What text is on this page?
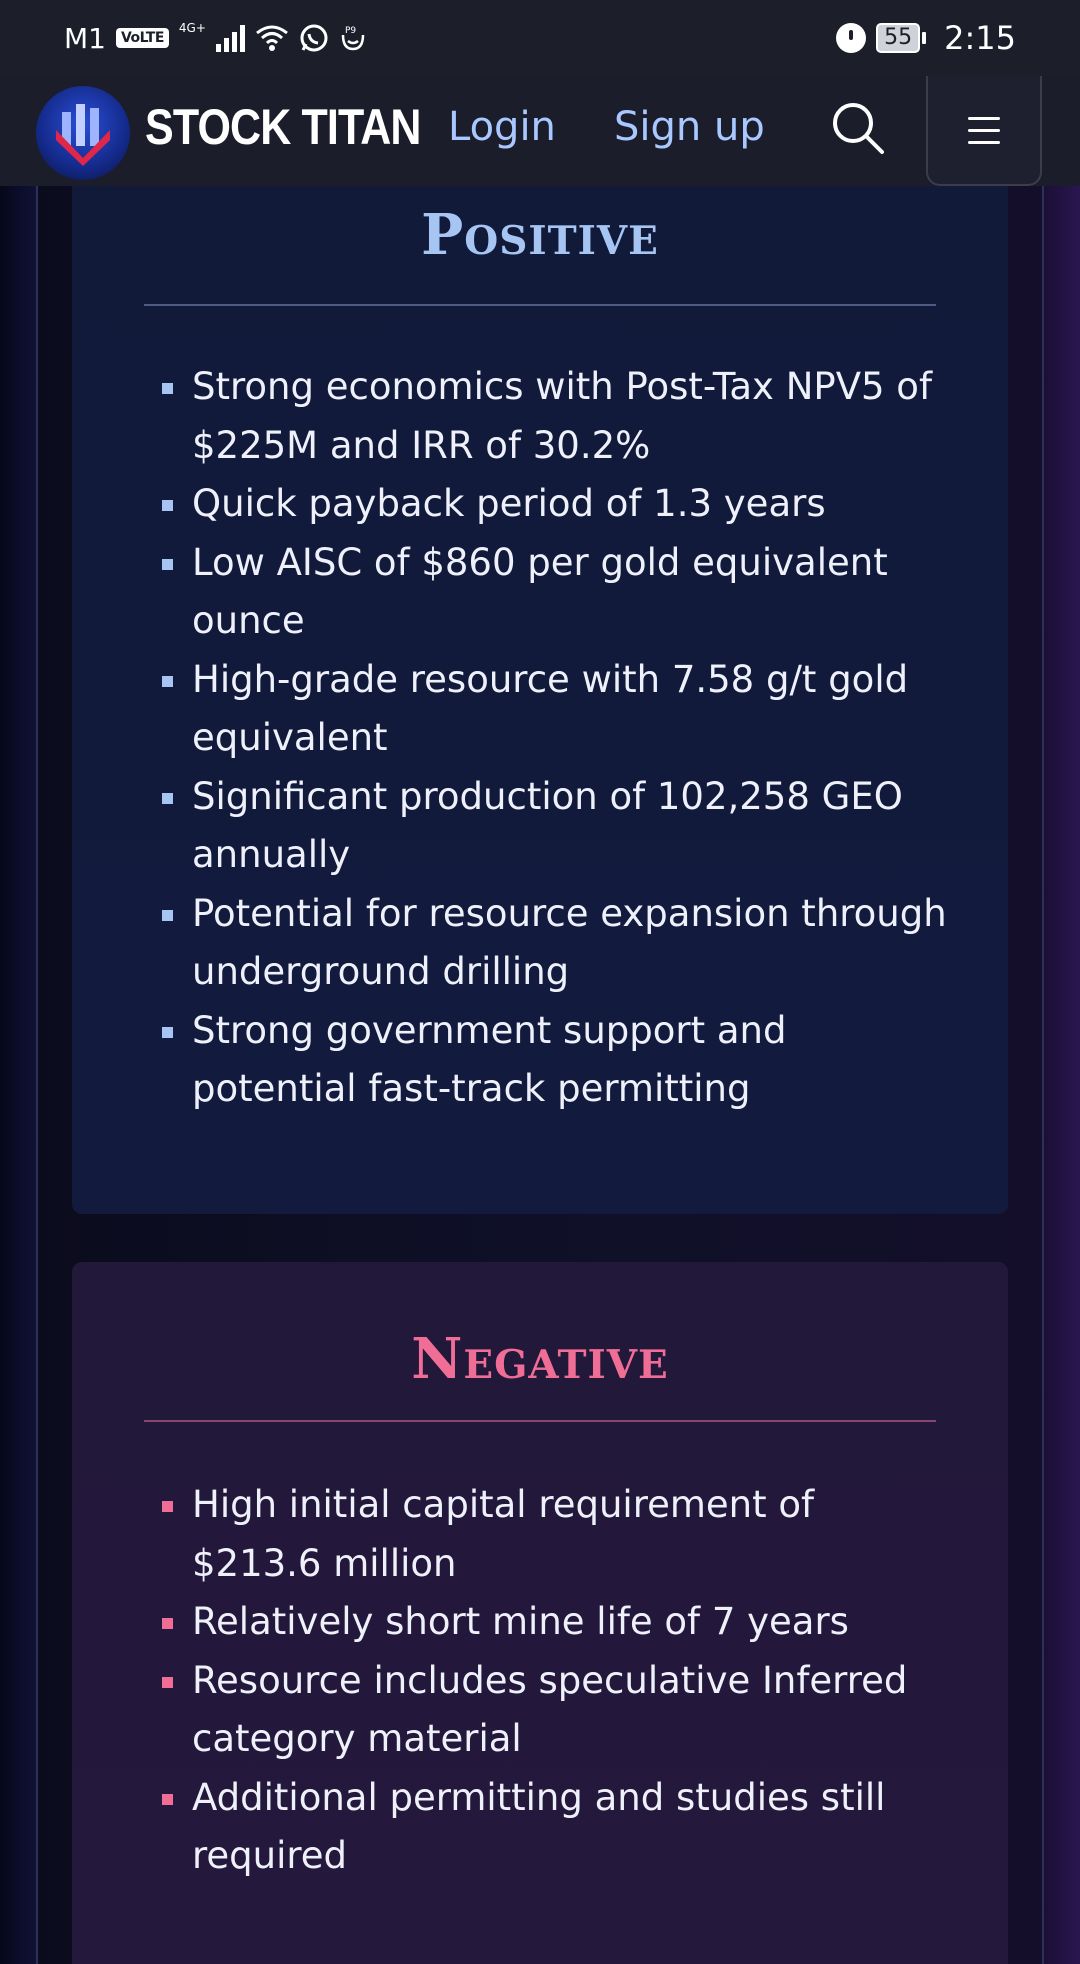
M1	VoLTE
4G+	P9	55 2:15
STOCK TITAN Login Sign up
Positive
Strong economics with Post-Tax NPV5 of $225M and IRR of 30.2%
Quick payback period of 1.3 years
Low AISC of $860 per gold equivalent ounce
High-grade resource with 7.58 g/t gold equivalent
Significant production of 102,258 GEO annually
Potential for resource expansion through underground drilling
Strong government support and potential fast-track permitting
Negative
High initial capital requirement of $213.6 million
Relatively short mine life of 7 years
Resource includes speculative Inferred category material
Additional permitting and studies still required
